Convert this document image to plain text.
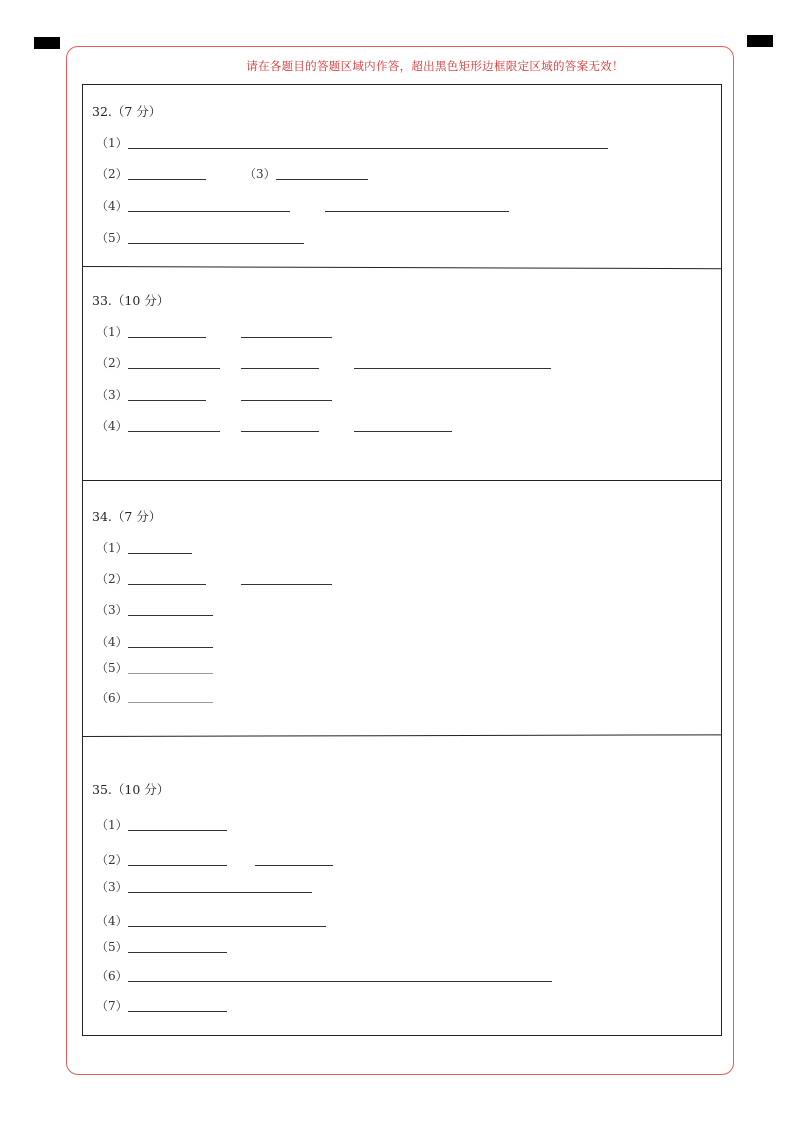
请在各题目的答题区域内作答，超出黑色矩形边框限定区域的答案无效！
32.（7 分）
（1）
（2）	（3）
（4）
（5）
33.（10 分）
（1）
（2）
（3）
（4）
34.（7 分）
（1）
（2）
（3）
（4）
（5）
（6）
35.（10 分）
（1）
（2）
（3）
（4）
（5）
（6）
（7）
